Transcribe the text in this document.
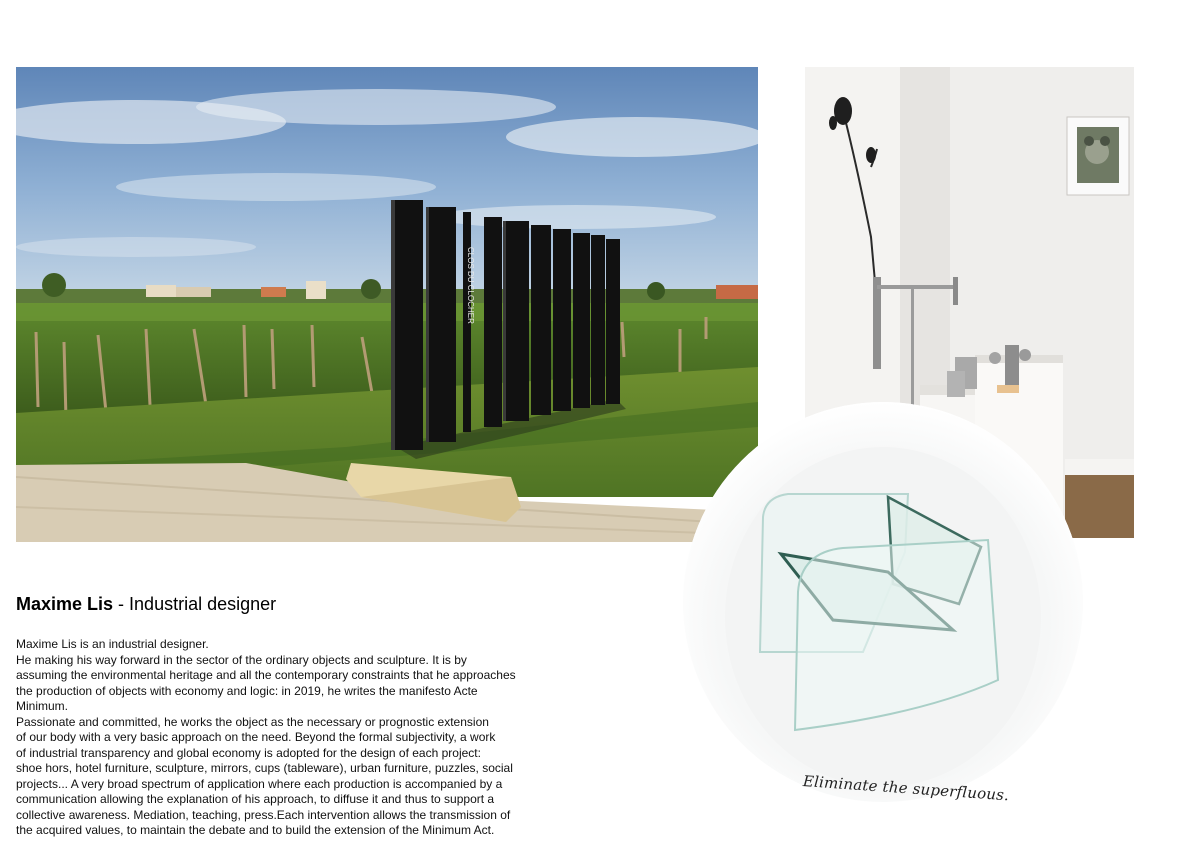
CLOS DU CLOCHER
Maxime Lis - Industrial designer
Maxime Lis is an industrial designer.
He making his way forward in the sector of the ordinary objects and sculpture. It is by
assuming the environmental heritage and all the contemporary constraints that he approaches
the production of objects with economy and logic: in 2019, he writes the manifesto Acte
Minimum.
Passionate and committed, he works the object as the necessary or prognostic extension
of our body with a very basic approach on the need. Beyond the formal subjectivity, a work
of industrial transparency and global economy is adopted for the design of each project:
shoe hors, hotel furniture, sculpture, mirrors, cups (tableware), urban furniture, puzzles, social
projects... A very broad spectrum of application where each production is accompanied by a
communication allowing the explanation of his approach, to diffuse it and thus to support a
collective awareness. Mediation, teaching, press.Each intervention allows the transmission of
the acquired values, to maintain the debate and to build the extension of the Minimum Act.
Eliminate the superfluous.
